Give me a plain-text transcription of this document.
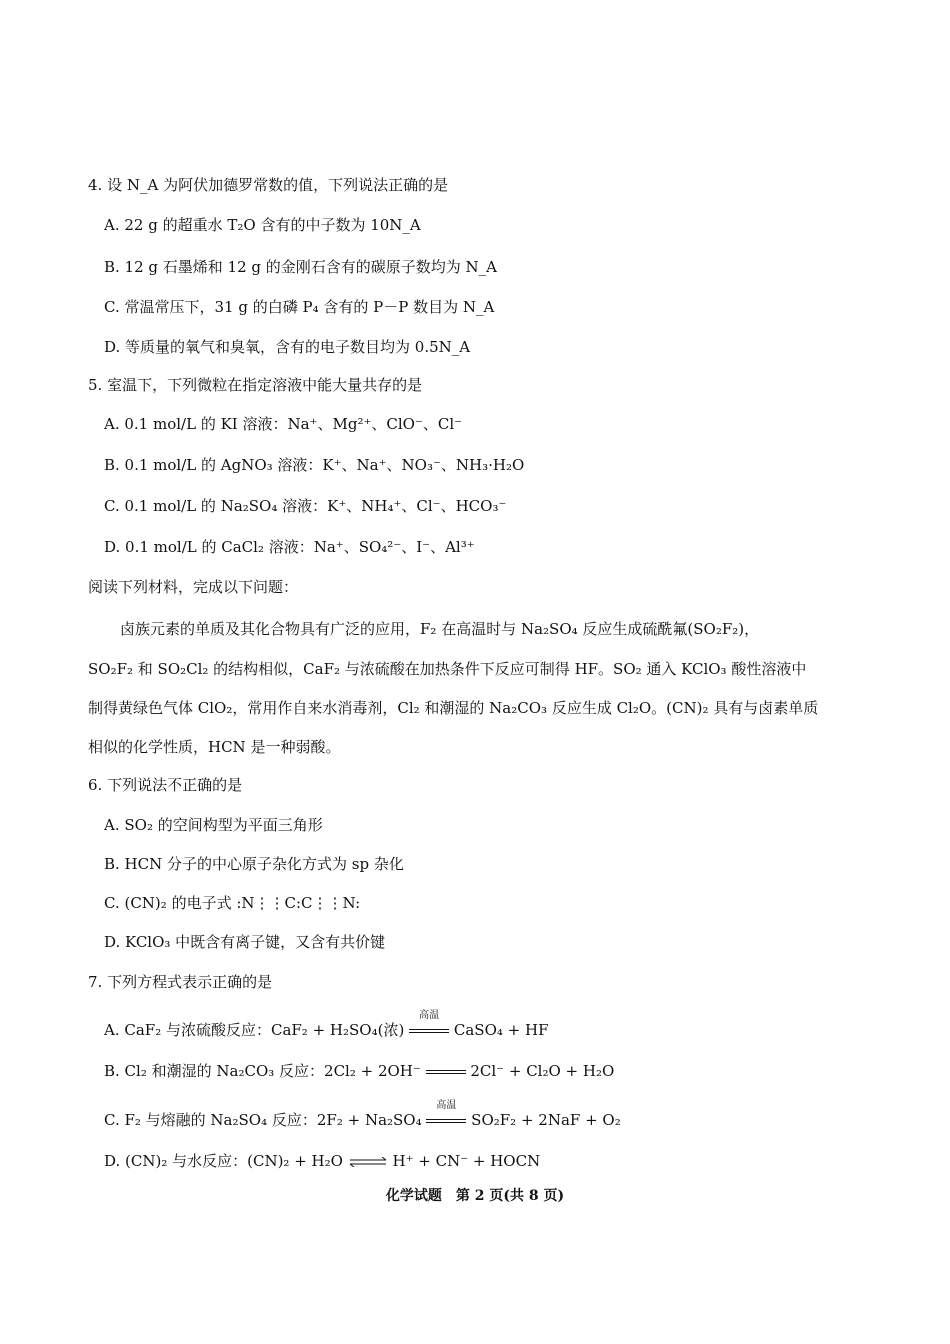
4. 设 N_A 为阿伏加德罗常数的值，下列说法正确的是
A. 22 g 的超重水 T₂O 含有的中子数为 10N_A
B. 12 g 石墨烯和 12 g 的金刚石含有的碳原子数均为 N_A
C. 常温常压下，31 g 的白磷 P₄ 含有的 P－P 数目为 N_A
D. 等质量的氧气和臭氧，含有的电子数目均为 0.5N_A
5. 室温下，下列微粒在指定溶液中能大量共存的是
A. 0.1 mol/L 的 KI 溶液：Na⁺、Mg²⁺、ClO⁻、Cl⁻
B. 0.1 mol/L 的 AgNO₃ 溶液：K⁺、Na⁺、NO₃⁻、NH₃·H₂O
C. 0.1 mol/L 的 Na₂SO₄ 溶液：K⁺、NH₄⁺、Cl⁻、HCO₃⁻
D. 0.1 mol/L 的 CaCl₂ 溶液：Na⁺、SO₄²⁻、I⁻、Al³⁺
阅读下列材料，完成以下问题：
卤族元素的单质及其化合物具有广泛的应用，F₂ 在高温时与 Na₂SO₄ 反应生成硫酰氟(SO₂F₂)，
SO₂F₂ 和 SO₂Cl₂ 的结构相似，CaF₂ 与浓硫酸在加热条件下反应可制得 HF。SO₂ 通入 KClO₃ 酸性溶液中
制得黄绿色气体 ClO₂，常用作自来水消毒剂，Cl₂ 和潮湿的 Na₂CO₃ 反应生成 Cl₂O。(CN)₂ 具有与卤素单质
相似的化学性质，HCN 是一种弱酸。
6. 下列说法不正确的是
A. SO₂ 的空间构型为平面三角形
B. HCN 分子的中心原子杂化方式为 sp 杂化
C. (CN)₂ 的电子式 :N⋮⋮C:C⋮⋮N:
D. KClO₃ 中既含有离子键，又含有共价键
7. 下列方程式表示正确的是
A. CaF₂ 与浓硫酸反应：CaF₂ + H₂SO₄(浓)
高温
CaSO₄ + HF
B. Cl₂ 和潮湿的 Na₂CO₃ 反应：2Cl₂ + 2OH⁻	2Cl⁻ + Cl₂O + H₂O
C. F₂ 与熔融的 Na₂SO₄ 反应：2F₂ + Na₂SO₄
高温
SO₂F₂ + 2NaF + O₂
D. (CN)₂ 与水反应：(CN)₂ + H₂O	H⁺ + CN⁻ + HOCN
化学试题　第 2 页(共 8 页)
